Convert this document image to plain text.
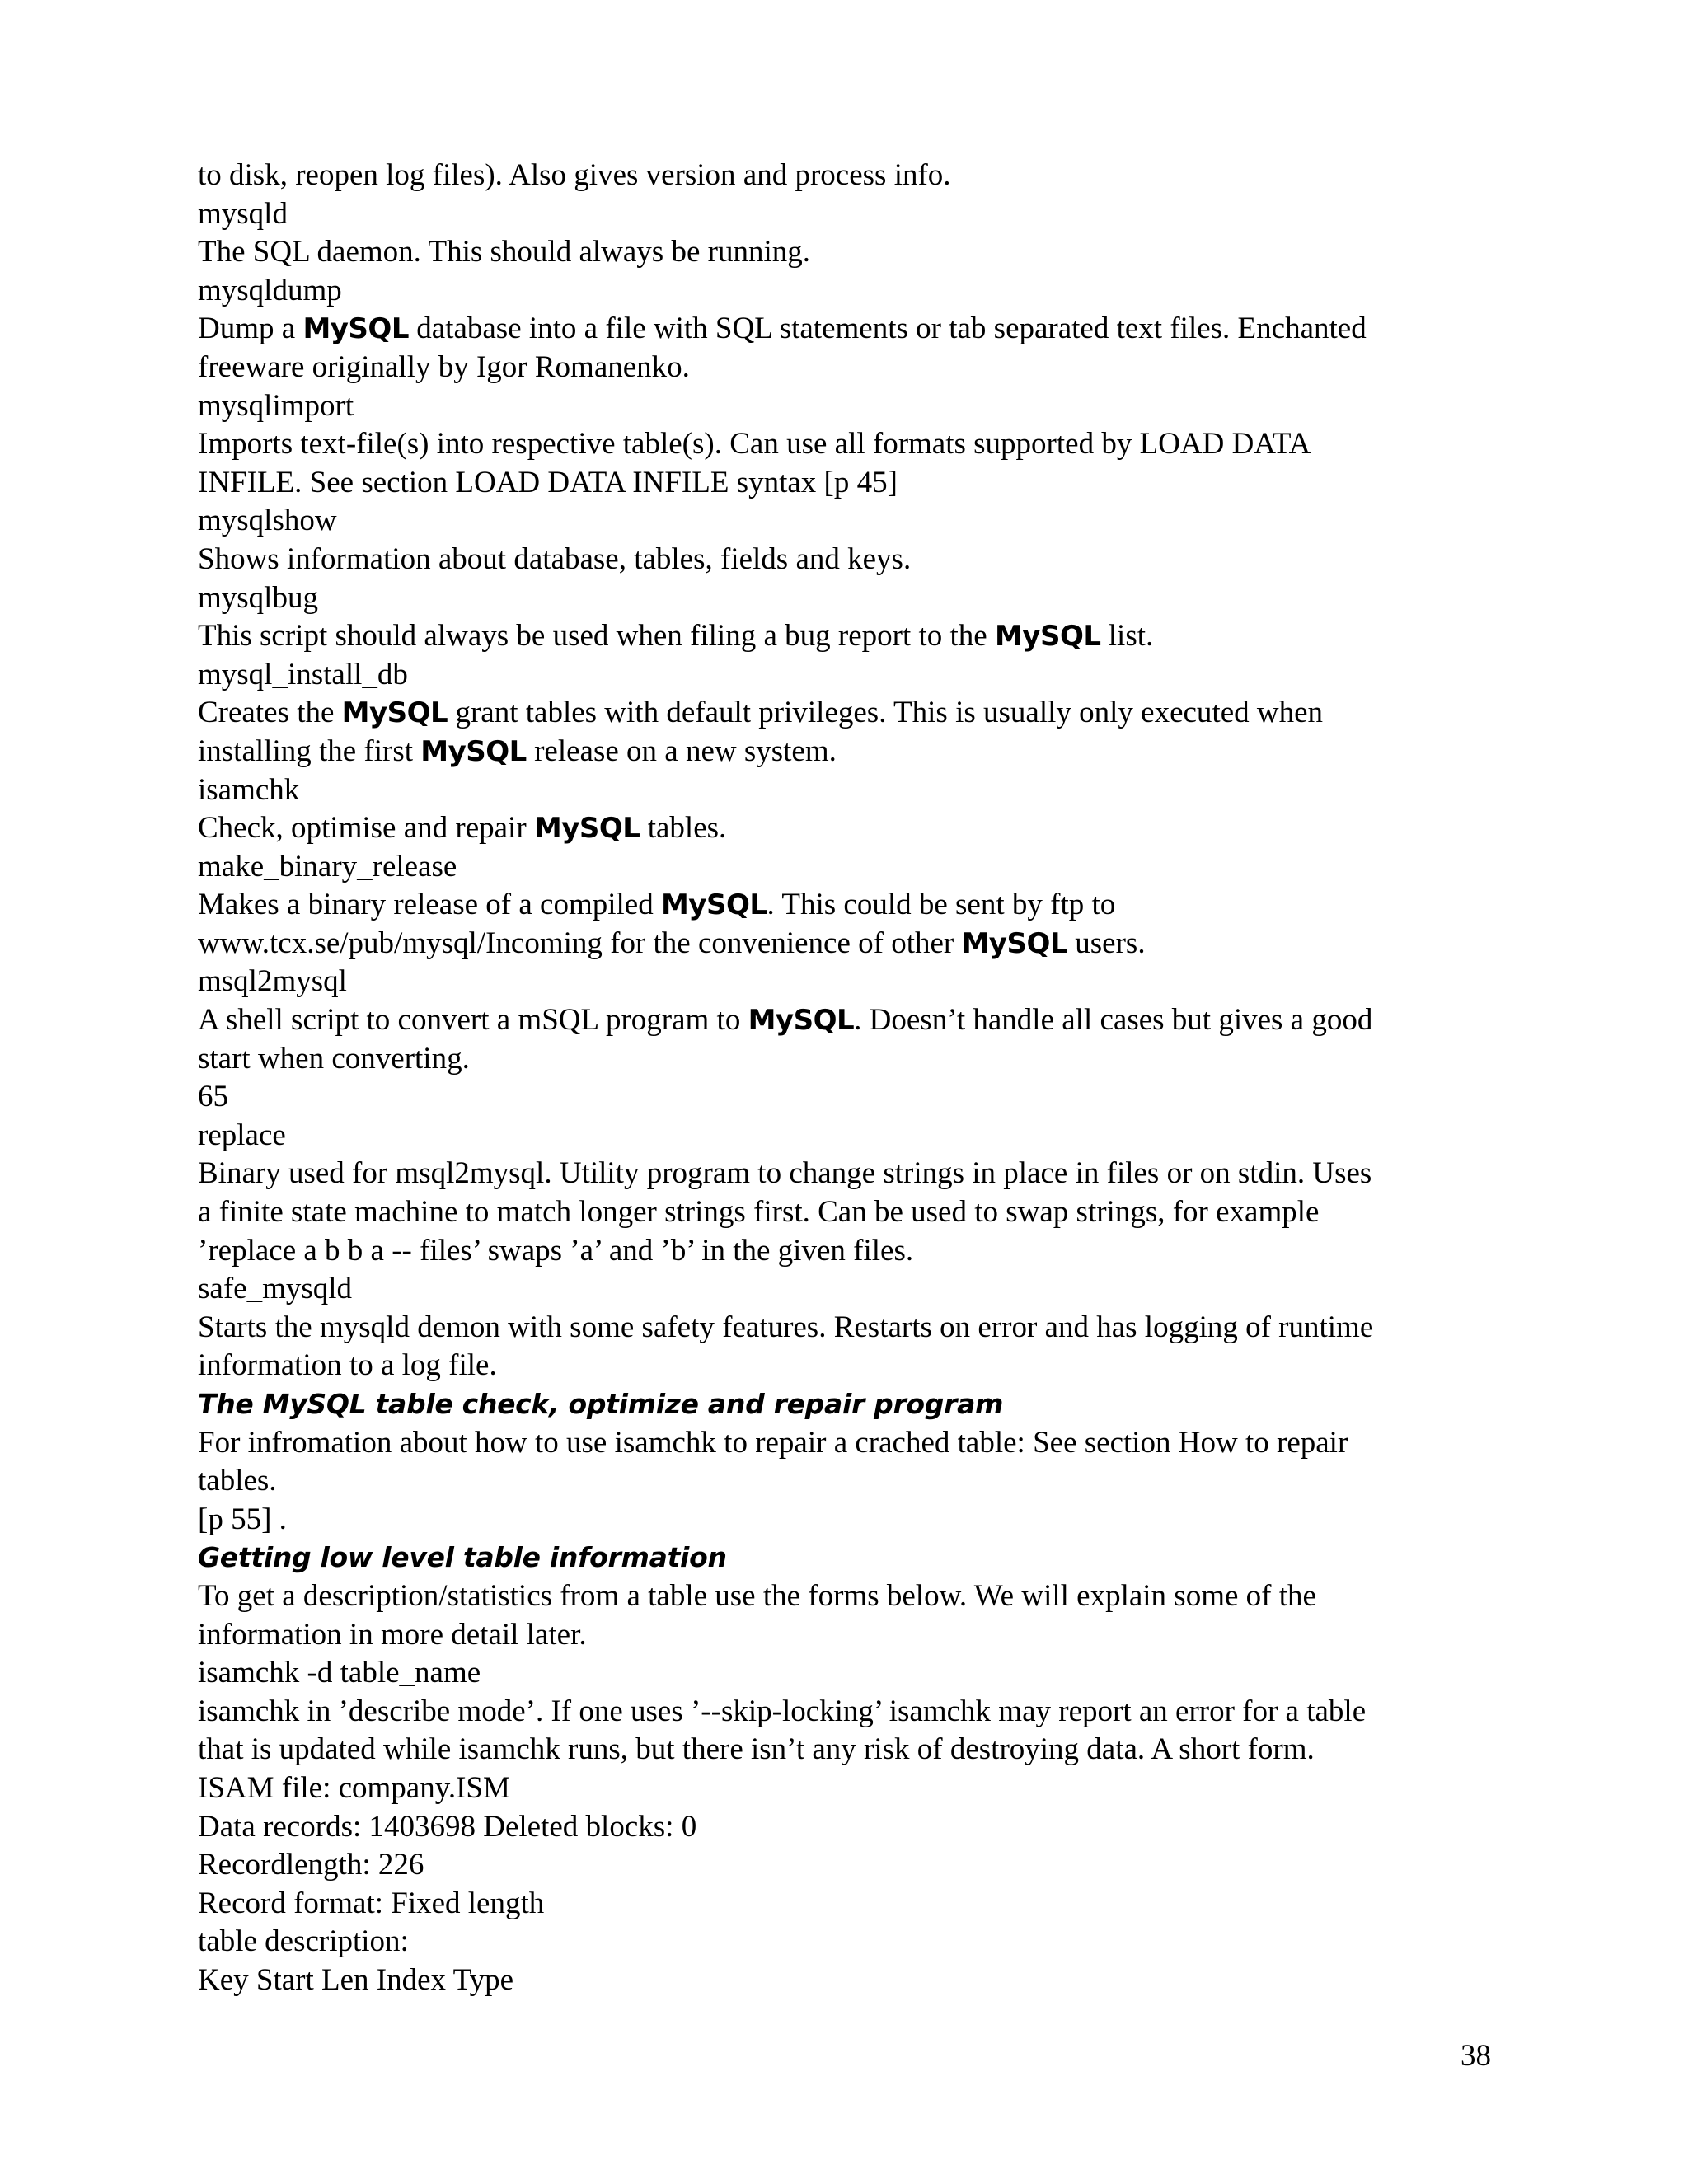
to disk, reopen log files). Also gives version and process info.
mysqld
The SQL daemon. This should always be running.
mysqldump
Dump a MySQL database into a file with SQL statements or tab separated text files. Enchanted
freeware originally by Igor Romanenko.
mysqlimport
Imports text-file(s) into respective table(s). Can use all formats supported by LOAD DATA
INFILE. See section LOAD DATA INFILE syntax [p 45]
mysqlshow
Shows information about database, tables, fields and keys.
mysqlbug
This script should always be used when filing a bug report to the MySQL list.
mysql_install_db
Creates the MySQL grant tables with default privileges. This is usually only executed when
installing the first MySQL release on a new system.
isamchk
Check, optimise and repair MySQL tables.
make_binary_release
Makes a binary release of a compiled MySQL. This could be sent by ftp to
www.tcx.se/pub/mysql/Incoming for the convenience of other MySQL users.
msql2mysql
A shell script to convert a mSQL program to MySQL. Doesn’t handle all cases but gives a good
start when converting.
65
replace
Binary used for msql2mysql. Utility program to change strings in place in files or on stdin. Uses
a finite state machine to match longer strings first. Can be used to swap strings, for example
’replace a b b a -- files’ swaps ’a’ and ’b’ in the given files.
safe_mysqld
Starts the mysqld demon with some safety features. Restarts on error and has logging of runtime
information to a log file.
The MySQL table check, optimize and repair program
For infromation about how to use isamchk to repair a crached table: See section How to repair
tables.
[p 55] .
Getting low level table information
To get a description/statistics from a table use the forms below. We will explain some of the
information in more detail later.
isamchk -d table_name
isamchk in ’describe mode’. If one uses ’--skip-locking’ isamchk may report an error for a table
that is updated while isamchk runs, but there isn’t any risk of destroying data. A short form.
ISAM file: company.ISM
Data records: 1403698 Deleted blocks: 0
Recordlength: 226
Record format: Fixed length
table description:
Key Start Len Index Type
38
